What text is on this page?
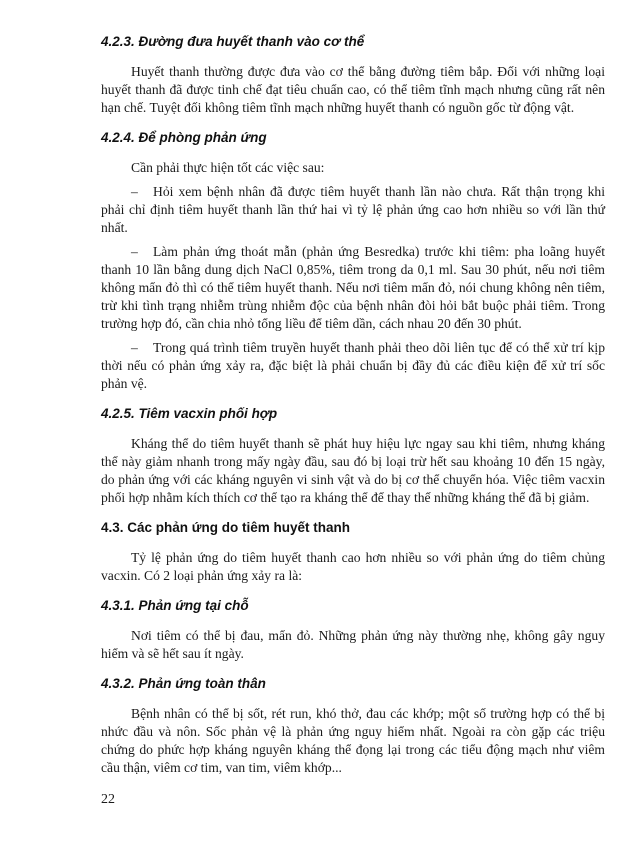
4.2.3. Đường đưa huyết thanh vào cơ thể

Huyết thanh thường được đưa vào cơ thể bằng đường tiêm bắp. Đối với những loại huyết thanh đã được tinh chế đạt tiêu chuẩn cao, có thể tiêm tĩnh mạch nhưng cũng rất nên hạn chế. Tuyệt đối không tiêm tĩnh mạch những huyết thanh có nguồn gốc từ động vật.

4.2.4. Để phòng phản ứng

Cần phải thực hiện tốt các việc sau:

– Hỏi xem bệnh nhân đã được tiêm huyết thanh lần nào chưa. Rất thận trọng khi phải chỉ định tiêm huyết thanh lần thứ hai vì tỷ lệ phản ứng cao hơn nhiều so với lần thứ nhất.

– Làm phản ứng thoát mẫn (phản ứng Besredka) trước khi tiêm: pha loãng huyết thanh 10 lần bằng dung dịch NaCl 0,85%, tiêm trong da 0,1 ml. Sau 30 phút, nếu nơi tiêm không mẩn đỏ thì có thể tiêm huyết thanh. Nếu nơi tiêm mẩn đỏ, nói chung không nên tiêm, trừ khi tình trạng nhiễm trùng nhiễm độc của bệnh nhân đòi hỏi bắt buộc phải tiêm. Trong trường hợp đó, cần chia nhỏ tổng liều để tiêm dần, cách nhau 20 đến 30 phút.

– Trong quá trình tiêm truyền huyết thanh phải theo dõi liên tục để có thể xử trí kịp thời nếu có phản ứng xảy ra, đặc biệt là phải chuẩn bị đầy đủ các điều kiện để xử trí sốc phản vệ.

4.2.5. Tiêm vacxin phối hợp

Kháng thể do tiêm huyết thanh sẽ phát huy hiệu lực ngay sau khi tiêm, nhưng kháng thể này giảm nhanh trong mấy ngày đầu, sau đó bị loại trừ hết sau khoảng 10 đến 15 ngày, do phản ứng với các kháng nguyên vi sinh vật và do bị cơ thể chuyển hóa. Việc tiêm vacxin phối hợp nhằm kích thích cơ thể tạo ra kháng thể để thay thế những kháng thể đã bị giảm.

4.3. Các phản ứng do tiêm huyết thanh

Tỷ lệ phản ứng do tiêm huyết thanh cao hơn nhiều so với phản ứng do tiêm chủng vacxin. Có 2 loại phản ứng xảy ra là:

4.3.1. Phản ứng tại chỗ

Nơi tiêm có thể bị đau, mẩn đỏ. Những phản ứng này thường nhẹ, không gây nguy hiểm và sẽ hết sau ít ngày.

4.3.2. Phản ứng toàn thân

Bệnh nhân có thể bị sốt, rét run, khó thở, đau các khớp; một số trường hợp có thể bị nhức đầu và nôn. Sốc phản vệ là phản ứng nguy hiểm nhất. Ngoài ra còn gặp các triệu chứng do phức hợp kháng nguyên kháng thể đọng lại trong các tiểu động mạch như viêm cầu thận, viêm cơ tim, van tim, viêm khớp...

22
